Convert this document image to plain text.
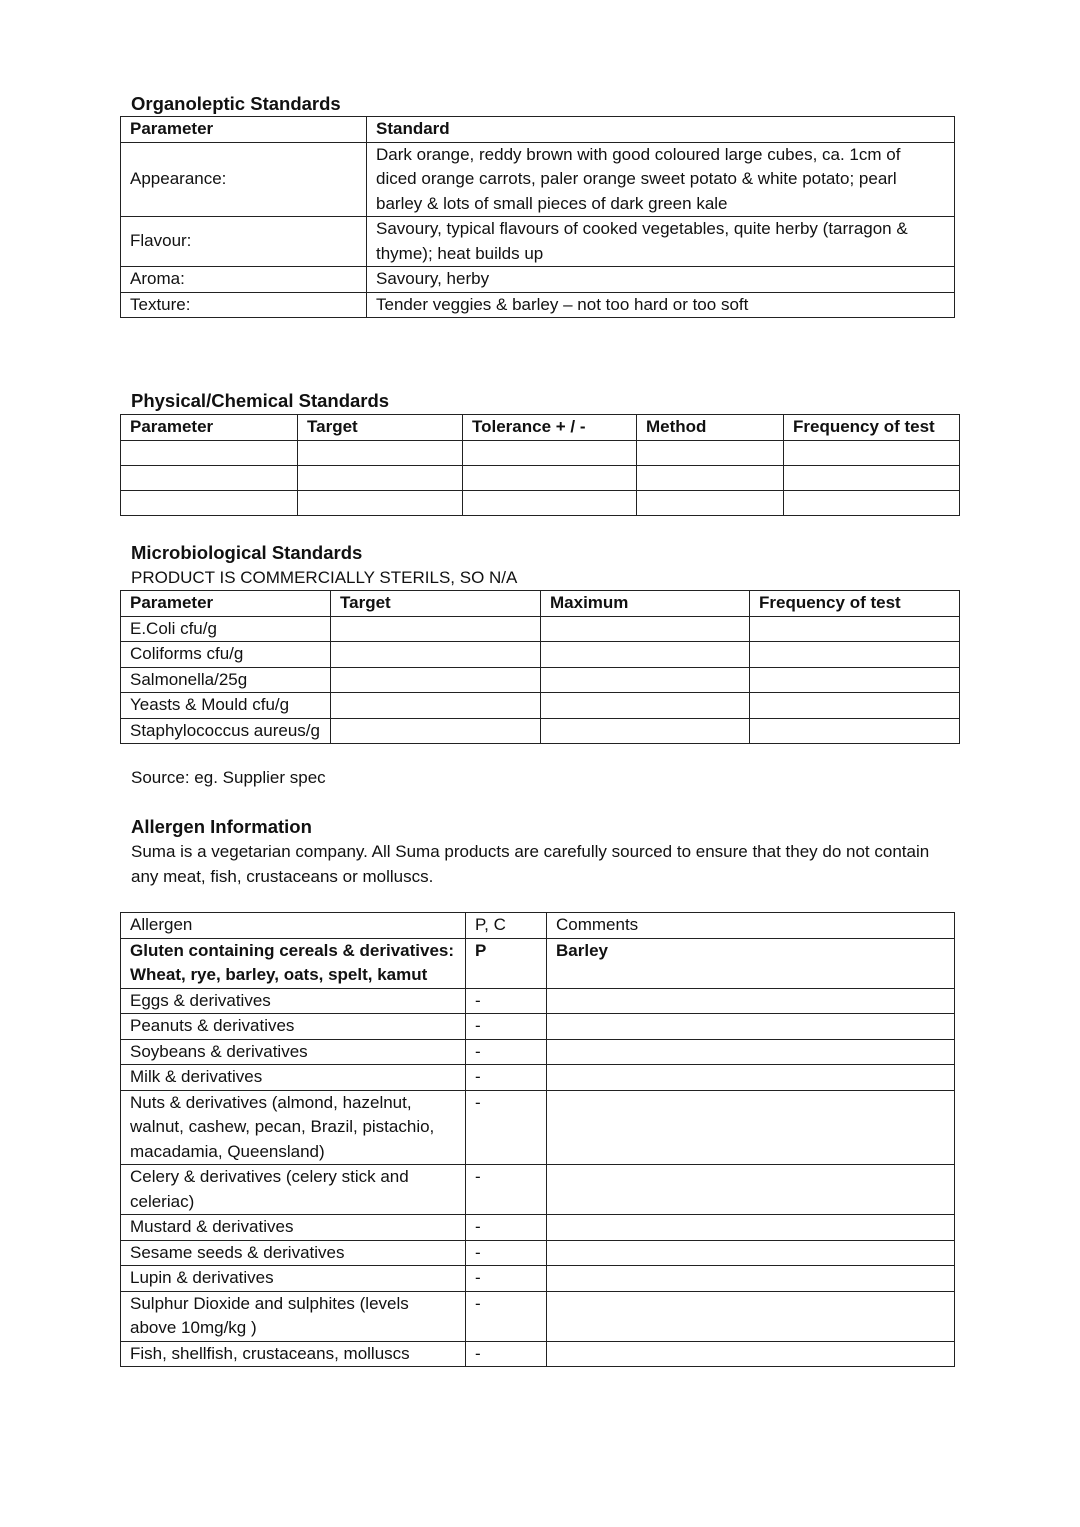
Organoleptic Standards
Parameter	Standard
Appearance:	Dark orange, reddy brown with good coloured large cubes, ca. 1cm of diced orange carrots, paler orange sweet potato & white potato; pearl barley & lots of small pieces of dark green kale
Flavour:	Savoury, typical flavours of cooked vegetables, quite herby (tarragon & thyme); heat builds up
Aroma:	Savoury, herby
Texture:	Tender veggies & barley – not too hard or too soft
Physical/Chemical Standards
Parameter	Target	Tolerance + / -	Method	Frequency of test

Microbiological Standards
PRODUCT IS COMMERCIALLY STERILS, SO N/A
Parameter	Target	Maximum	Frequency of test
E.Coli cfu/g			
Coliforms cfu/g			
Salmonella/25g			
Yeasts & Mould cfu/g			
Staphylococcus aureus/g			
Source: eg. Supplier spec
Allergen Information
Suma is a vegetarian company. All Suma products are carefully sourced to ensure that they do not contain any meat, fish, crustaceans or molluscs.
Allergen	P, C	Comments
Gluten containing cereals & derivatives: Wheat, rye, barley, oats, spelt, kamut	P	Barley
Eggs & derivatives	-	
Peanuts & derivatives	-	
Soybeans & derivatives	-	
Milk & derivatives	-	
Nuts & derivatives (almond, hazelnut, walnut, cashew, pecan, Brazil, pistachio, macadamia, Queensland)	-	
Celery & derivatives (celery stick and celeriac)	-	
Mustard & derivatives	-	
Sesame seeds & derivatives	-	
Lupin & derivatives	-	
Sulphur Dioxide and sulphites (levels above 10mg/kg )	-	
Fish, shellfish, crustaceans, molluscs	-	
